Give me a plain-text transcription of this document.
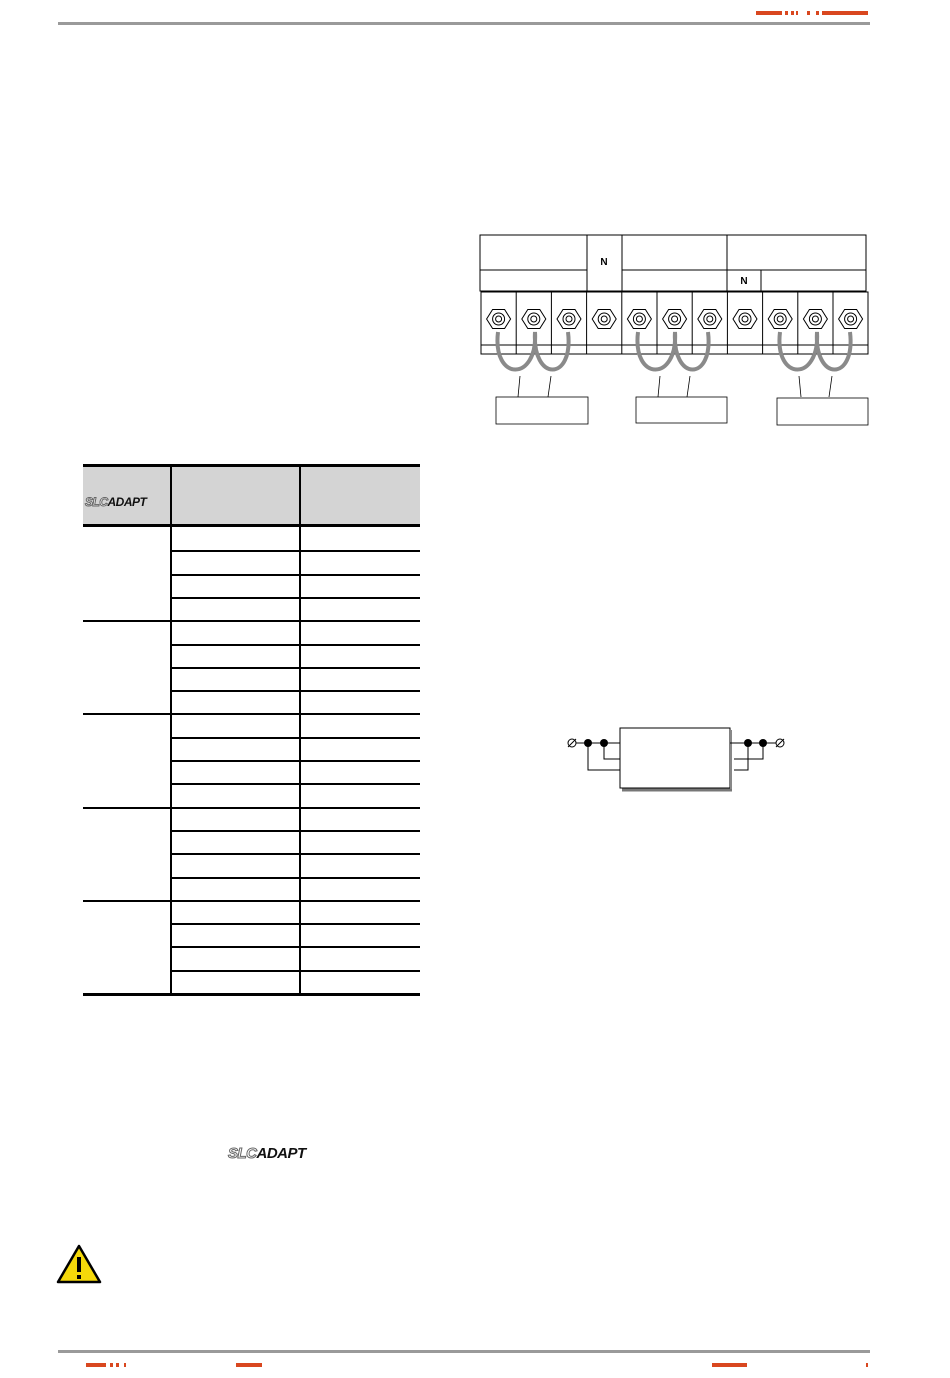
N
N
SLCADAPT
SLCADAPT
